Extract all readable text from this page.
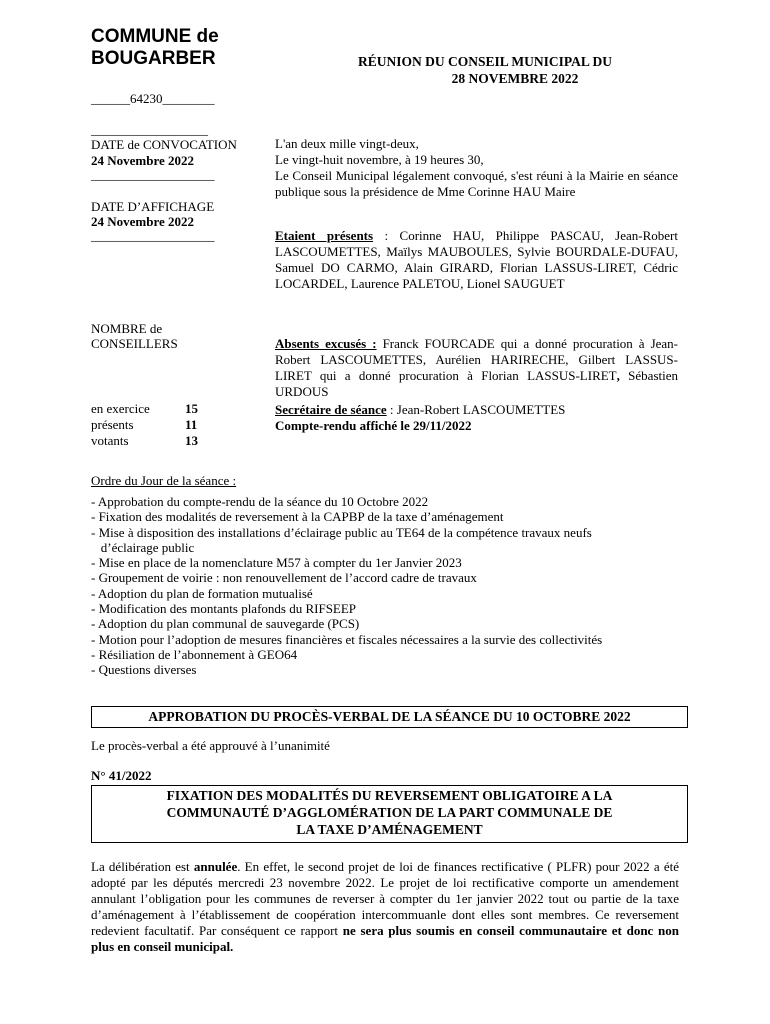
COMMUNE de
BOUGARBER
______64230________
RÉUNION DU CONSEIL MUNICIPAL DU
28 NOVEMBRE 2022
__________________
DATE de CONVOCATION
24 Novembre 2022
___________________
DATE D’AFFICHAGE
24 Novembre 2022
___________________
NOMBRE de
CONSEILLERS
en exercice	15
présents	11
votants	13
L'an deux mille vingt-deux,
Le vingt-huit novembre, à 19 heures 30,
Le Conseil Municipal légalement convoqué, s'est réuni à la Mairie en séance publique sous la présidence de Mme Corinne HAU Maire
Etaient présents : Corinne HAU, Philippe PASCAU, Jean-Robert LASCOUMETTES, Maïlys MAUBOULES, Sylvie BOURDALE-DUFAU, Samuel DO CARMO, Alain GIRARD, Florian LASSUS-LIRET, Cédric LOCARDEL, Laurence PALETOU, Lionel SAUGUET
Absents excusés : Franck FOURCADE qui a donné procuration à Jean-Robert LASCOUMETTES, Aurélien HARIRECHE, Gilbert LASSUS-LIRET qui a donné procuration à Florian LASSUS-LIRET, Sébastien URDOUS
Secrétaire de séance : Jean-Robert LASCOUMETTES
Compte-rendu affiché le 29/11/2022
Ordre du Jour de la séance :
- Approbation du compte-rendu de la séance du 10 Octobre 2022
- Fixation des modalités de reversement à la CAPBP de la taxe d’aménagement
- Mise à disposition des installations d’éclairage public au TE64 de la compétence travaux neufs
d’éclairage public
- Mise en place de la nomenclature M57 à compter du 1er Janvier 2023
- Groupement de voirie : non renouvellement de l’accord cadre de travaux
- Adoption du plan de formation mutualisé
- Modification des montants plafonds du RIFSEEP
- Adoption du plan communal de sauvegarde (PCS)
- Motion pour l’adoption de mesures financières et fiscales nécessaires a la survie des collectivités
- Résiliation de l’abonnement à GEO64
- Questions diverses
APPROBATION DU PROCÈS-VERBAL DE LA SÉANCE DU 10 OCTOBRE 2022
Le procès-verbal a été approuvé à l’unanimité
N° 41/2022
FIXATION DES MODALITÉS DU REVERSEMENT OBLIGATOIRE A LA
COMMUNAUTÉ D’AGGLOMÉRATION DE LA PART COMMUNALE DE
LA TAXE D’AMÉNAGEMENT
La délibération est annulée. En effet, le second projet de loi de finances rectificative ( PLFR) pour 2022 a été adopté par les députés mercredi 23 novembre 2022. Le projet de loi rectificative comporte un amendement annulant l’obligation pour les communes de reverser à compter du 1er janvier 2022 tout ou partie de la taxe d’aménagement à l’établissement de coopération intercommuanle dont elles sont membres. Ce reversement redevient facultatif. Par conséquent ce rapport ne sera plus soumis en conseil communautaire et donc non plus en conseil municipal.
